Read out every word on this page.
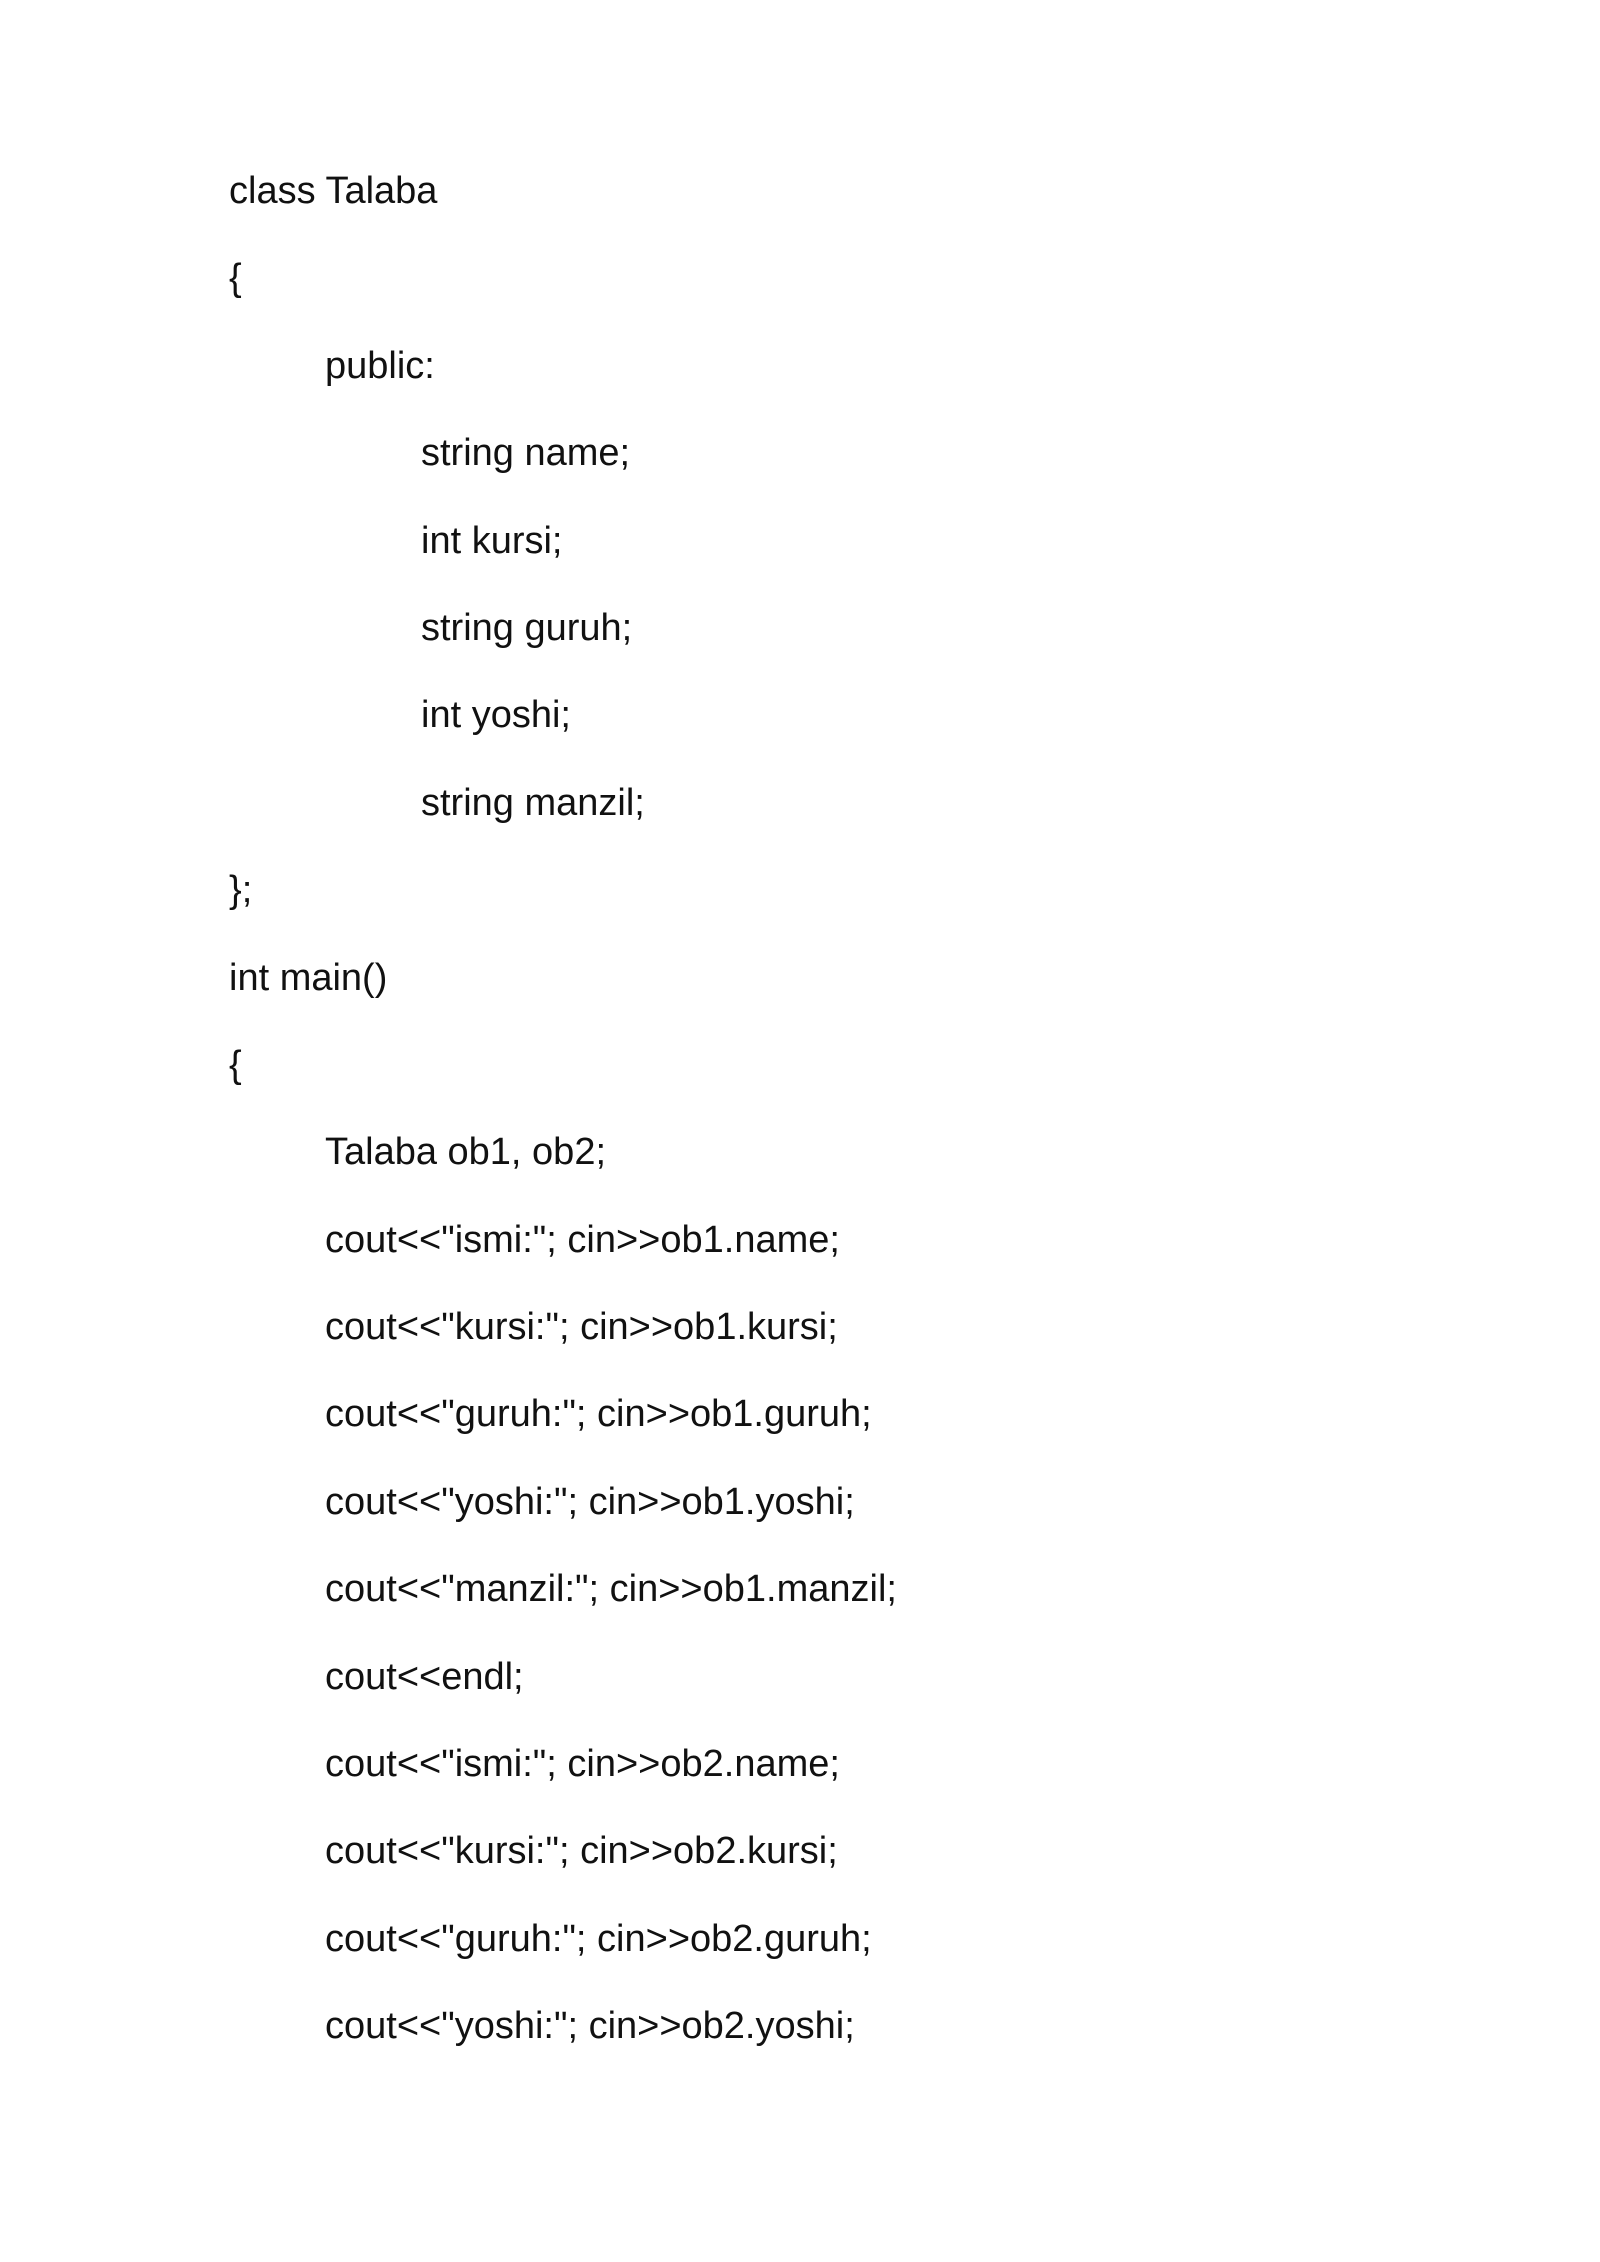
class Talaba
{
public:
string name;
int kursi;
string guruh;
int yoshi;
string manzil;
};
int main()
{
Talaba ob1, ob2;
cout<<"ismi:"; cin>>ob1.name;
cout<<"kursi:"; cin>>ob1.kursi;
cout<<"guruh:"; cin>>ob1.guruh;
cout<<"yoshi:"; cin>>ob1.yoshi;
cout<<"manzil:"; cin>>ob1.manzil;
cout<<endl;
cout<<"ismi:"; cin>>ob2.name;
cout<<"kursi:"; cin>>ob2.kursi;
cout<<"guruh:"; cin>>ob2.guruh;
cout<<"yoshi:"; cin>>ob2.yoshi;
